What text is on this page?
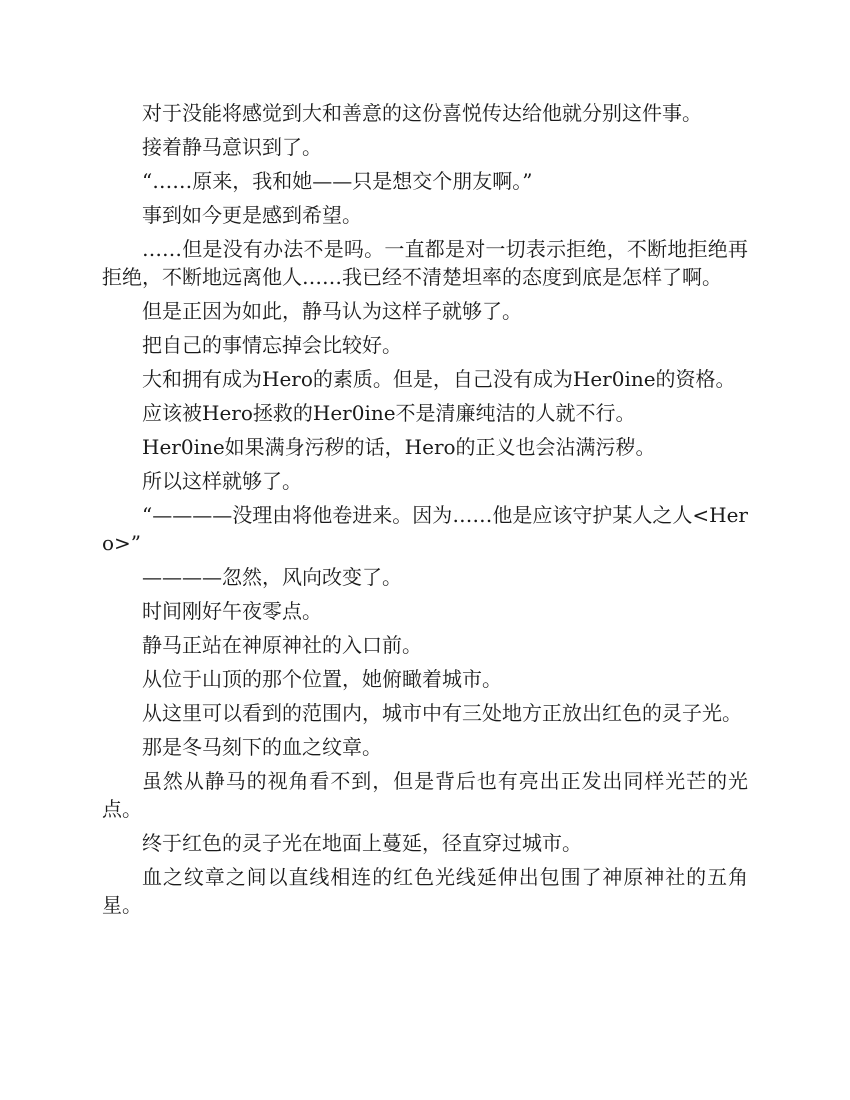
对于没能将感觉到大和善意的这份喜悦传达给他就分别这件事。

接着静马意识到了。

“……原来，我和她——只是想交个朋友啊。”

事到如今更是感到希望。

……但是没有办法不是吗。一直都是对一切表示拒绝，不断地拒绝再拒绝，不断地远离他人……我已经不清楚坦率的态度到底是怎样了啊。

但是正因为如此，静马认为这样子就够了。

把自己的事情忘掉会比较好。

大和拥有成为Hero的素质。但是，自己没有成为Her0ine的资格。

应该被Hero拯救的Her0ine不是清廉纯洁的人就不行。

Her0ine如果满身污秽的话，Hero的正义也会沾满污秽。

所以这样就够了。

“————没理由将他卷进来。因为……他是应该守护某人之人<Hero>”

————忽然，风向改变了。

时间刚好午夜零点。

静马正站在神原神社的入口前。

从位于山顶的那个位置，她俯瞰着城市。

从这里可以看到的范围内，城市中有三处地方正放出红色的灵子光。

那是冬马刻下的血之纹章。

虽然从静马的视角看不到，但是背后也有亮出正发出同样光芒的光点。

终于红色的灵子光在地面上蔓延，径直穿过城市。

血之纹章之间以直线相连的红色光线延伸出包围了神原神社的五角星。
